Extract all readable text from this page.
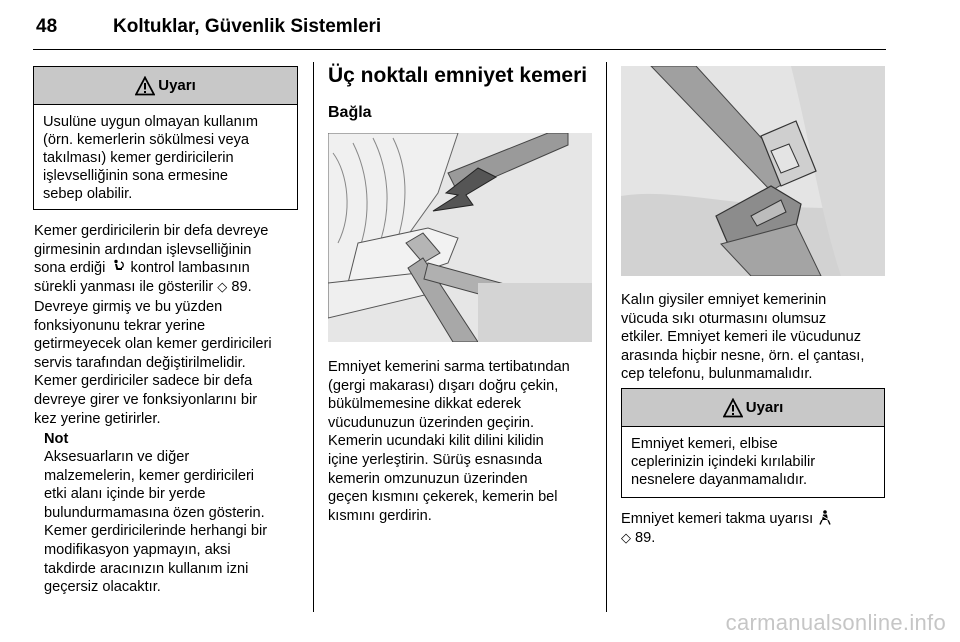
48	Koltuklar, Güvenlik Sistemleri
Uyarı

Usulüne uygun olmayan kullanım

(örn. kemerlerin sökülmesi veya

takılması) kemer gerdiricilerin

işlevselliğinin sona ermesine

sebep olabilir.

Kemer gerdiricilerin bir defa devreye
girmesinin ardından işlevselliğinin
sona erdiği  kontrol lambasının
sürekli yanması ile gösterilir ◇ 89.
Devreye girmiş ve bu yüzden
fonksiyonunu tekrar yerine
getirmeyecek olan kemer gerdiricileri
servis tarafından değiştirilmelidir.
Kemer gerdiriciler sadece bir defa
devreye girer ve fonksiyonlarını bir
kez yerine getirirler.
Not
Aksesuarların ve diğer
malzemelerin, kemer gerdiricileri
etki alanı içinde bir yerde
bulundurmamasına özen gösterin.
Kemer gerdiricilerinde herhangi bir
modifikasyon yapmayın, aksi
takdirde aracınızın kullanım izni
geçersiz olacaktır.
Üç noktalı emniyet kemeri
Bağla
Emniyet kemerini sarma tertibatından
(gergi makarası) dışarı doğru çekin,
bükülmemesine dikkat ederek
vücudunuzun üzerinden geçirin.
Kemerin ucundaki kilit dilini kilidin
içine yerleştirin. Sürüş esnasında
kemerin omzunuzun üzerinden
geçen kısmını çekerek, kemerin bel
kısmını gerdirin.
Kalın giysiler emniyet kemerinin
vücuda sıkı oturmasını olumsuz
etkiler. Emniyet kemeri ile vücudunuz
arasında hiçbir nesne, örn. el çantası,
cep telefonu, bulunmamalıdır.
Uyarı

Emniyet kemeri, elbise

ceplerinizin içindeki kırılabilir

nesnelere dayanmamalıdır.

Emniyet kemeri takma uyarısı
◇ 89.
carmanualsonline.info
